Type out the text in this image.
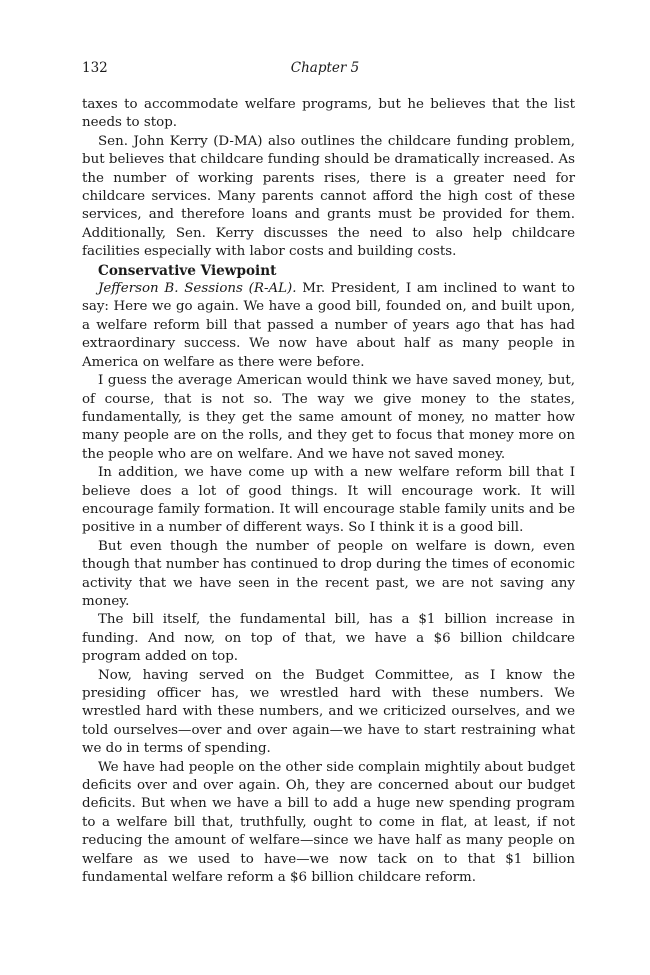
132	Chapter 5

taxes to accommodate welfare programs, but he believes that the list needs to stop.

Sen. John Kerry (D-MA) also outlines the childcare funding problem, but believes that childcare funding should be dramatically increased. As the number of working parents rises, there is a greater need for childcare services. Many parents cannot afford the high cost of these services, and therefore loans and grants must be provided for them. Additionally, Sen. Kerry discusses the need to also help childcare facilities especially with labor costs and building costs.

Conservative Viewpoint

Jefferson B. Sessions (R-AL). Mr. President, I am inclined to want to say: Here we go again. We have a good bill, founded on, and built upon, a welfare reform bill that passed a number of years ago that has had extraordinary success. We now have about half as many people in America on welfare as there were before.

I guess the average American would think we have saved money, but, of course, that is not so. The way we give money to the states, fundamentally, is they get the same amount of money, no matter how many people are on the rolls, and they get to focus that money more on the people who are on welfare. And we have not saved money.

In addition, we have come up with a new welfare reform bill that I believe does a lot of good things. It will encourage work. It will encourage family formation. It will encourage stable family units and be positive in a number of different ways. So I think it is a good bill.

But even though the number of people on welfare is down, even though that number has continued to drop during the times of economic activity that we have seen in the recent past, we are not saving any money.

The bill itself, the fundamental bill, has a $1 billion increase in funding. And now, on top of that, we have a $6 billion childcare program added on top.

Now, having served on the Budget Committee, as I know the presiding officer has, we wrestled hard with these numbers. We wrestled hard with these numbers, and we criticized ourselves, and we told ourselves—over and over again—we have to start restraining what we do in terms of spending.

We have had people on the other side complain mightily about budget deficits over and over again. Oh, they are concerned about our budget deficits. But when we have a bill to add a huge new spending program to a welfare bill that, truthfully, ought to come in flat, at least, if not reducing the amount of welfare—since we have half as many people on welfare as we used to have—we now tack on to that $1 billion fundamental welfare reform a $6 billion childcare reform.
